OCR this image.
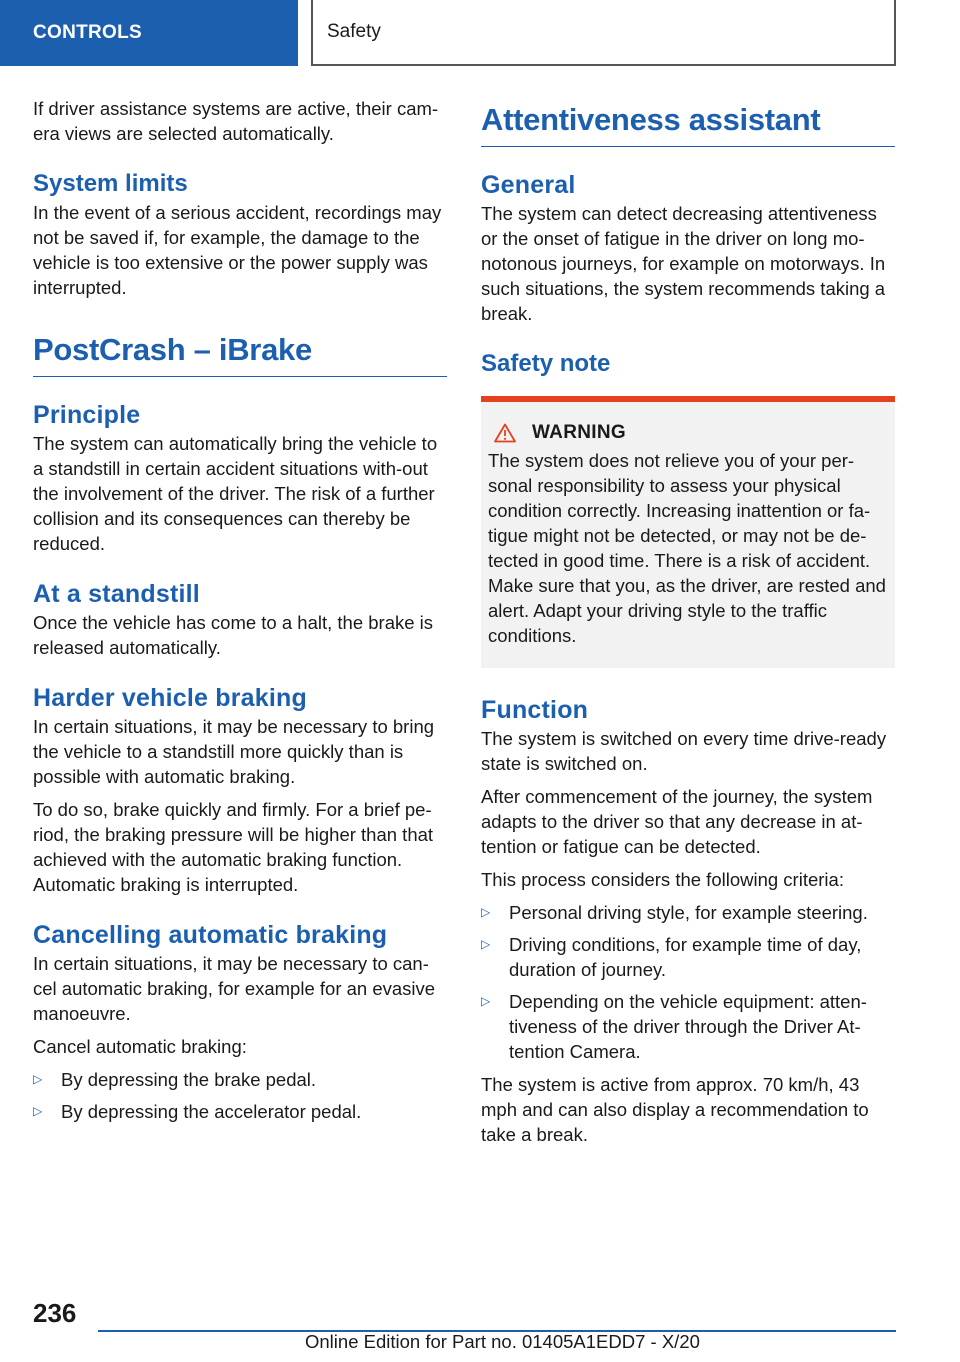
CONTROLS	Safety

If driver assistance systems are active, their cam-era views are selected automatically.

System limits

In the event of a serious accident, recordings may not be saved if, for example, the damage to the vehicle is too extensive or the power supply was interrupted.

PostCrash – iBrake
Principle

The system can automatically bring the vehicle to a standstill in certain accident situations with-out the involvement of the driver. The risk of a further collision and its consequences can thereby be reduced.

At a standstill

Once the vehicle has come to a halt, the brake is released automatically.

Harder vehicle braking

In certain situations, it may be necessary to bring the vehicle to a standstill more quickly than is possible with automatic braking.

To do so, brake quickly and firmly. For a brief pe-riod, the braking pressure will be higher than that achieved with the automatic braking function. Automatic braking is interrupted.

Cancelling automatic braking

In certain situations, it may be necessary to can-cel automatic braking, for example for an evasive manoeuvre.

Cancel automatic braking:

▷ By depressing the brake pedal.
▷ By depressing the accelerator pedal.
Attentiveness assistant
General

The system can detect decreasing attentiveness or the onset of fatigue in the driver on long mo-notonous journeys, for example on motorways. In such situations, the system recommends taking a break.

Safety note
WARNING

The system does not relieve you of your per-sonal responsibility to assess your physical condition correctly. Increasing inattention or fa-tigue might not be detected, or may not be de-tected in good time. There is a risk of accident. Make sure that you, as the driver, are rested and alert. Adapt your driving style to the traffic conditions.

Function

The system is switched on every time drive-ready state is switched on.

After commencement of the journey, the system adapts to the driver so that any decrease in at-tention or fatigue can be detected.

This process considers the following criteria:

▷ Personal driving style, for example steering.
▷ Driving conditions, for example time of day, duration of journey.
▷ Depending on the vehicle equipment: atten-tiveness of the driver through the Driver At-tention Camera.

The system is active from approx. 70 km/h, 43 mph and can also display a recommendation to take a break.

236
Online Edition for Part no. 01405A1EDD7 - X/20
